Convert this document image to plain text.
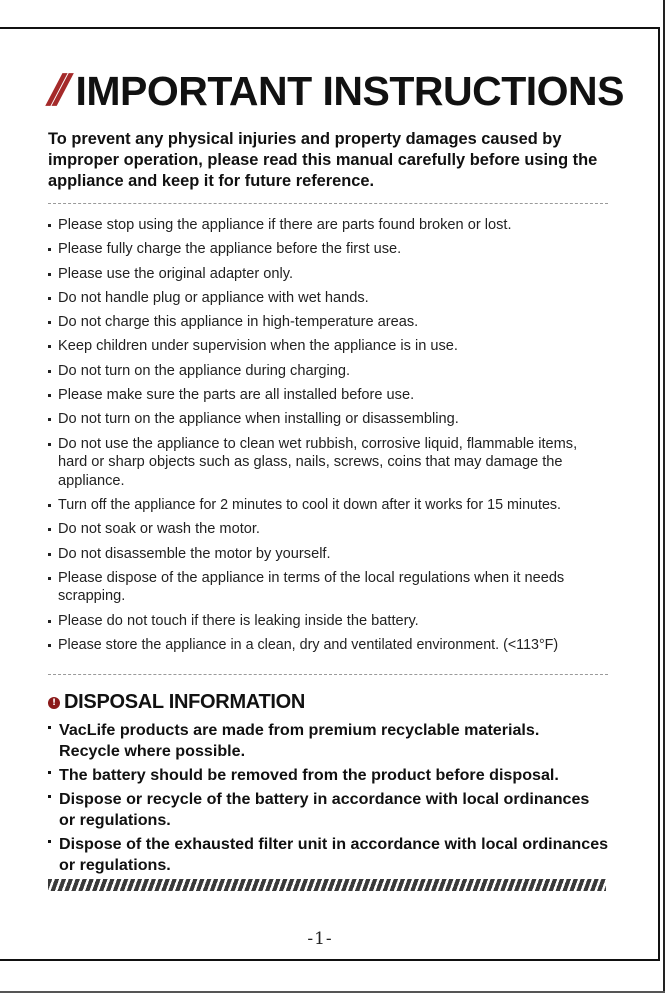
// IMPORTANT INSTRUCTIONS

To prevent any physical injuries and property damages caused by improper operation, please read this manual carefully before using the appliance and keep it for future reference.

Please stop using the appliance if there are parts found broken or lost.
Please fully charge the appliance before the first use.
Please use the original adapter only.
Do not handle plug or appliance with wet hands.
Do not charge this appliance in high-temperature areas.
Keep children under supervision when the appliance is in use.
Do not turn on the appliance during charging.
Please make sure the parts are all installed before use.
Do not turn on the appliance when installing or disassembling.
Do not use the appliance to clean wet rubbish, corrosive liquid, flammable items, hard or sharp objects such as glass, nails, screws, coins that may damage the appliance.
Turn off the appliance for 2 minutes to cool it down after it works for 15 minutes.
Do not soak or wash the motor.
Do not disassemble the motor by yourself.
Please dispose of the appliance in terms of the local regulations when it needs scrapping.
Please do not touch if there is leaking inside the battery.
Please store the appliance in a clean, dry and ventilated environment. (<113°F)
! DISPOSAL INFORMATION
VacLife products are made from premium recyclable materials. Recycle where possible.
The battery should be removed from the product before disposal.
Dispose or recycle of the battery in accordance with local ordinances or regulations.
Dispose of the exhausted filter unit in accordance with local ordinances or regulations.
-1-
